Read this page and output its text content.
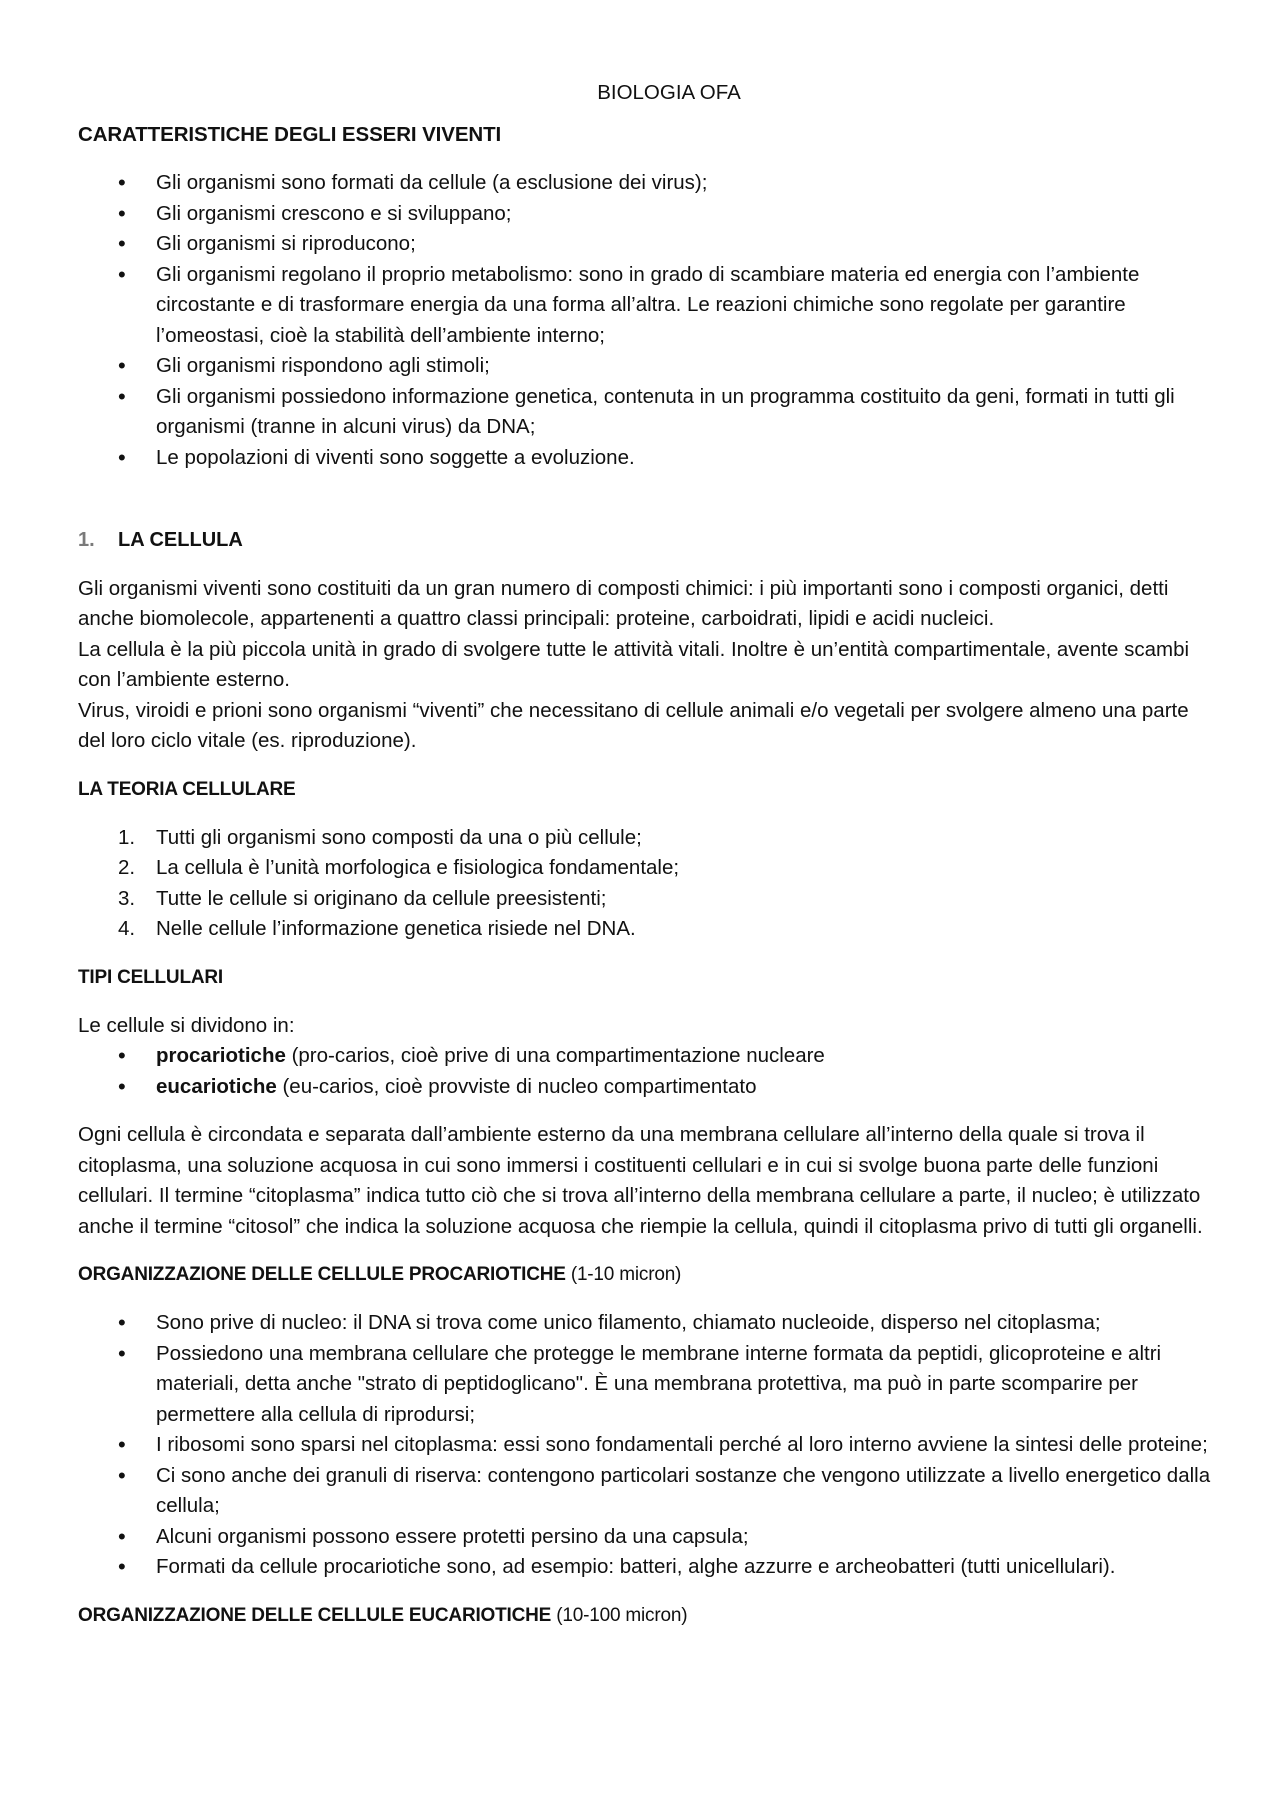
BIOLOGIA OFA
CARATTERISTICHE DEGLI ESSERI VIVENTI
• Gli organismi sono formati da cellule (a esclusione dei virus);
• Gli organismi crescono e si sviluppano;
• Gli organismi si riproducono;
• Gli organismi regolano il proprio metabolismo: sono in grado di scambiare materia ed energia con l’ambiente circostante e di trasformare energia da una forma all’altra. Le reazioni chimiche sono regolate per garantire l’omeostasi, cioè la stabilità dell’ambiente interno;
• Gli organismi rispondono agli stimoli;
• Gli organismi possiedono informazione genetica, contenuta in un programma costituito da geni, formati in tutti gli organismi (tranne in alcuni virus) da DNA;
• Le popolazioni di viventi sono soggette a evoluzione.
1. LA CELLULA

Gli organismi viventi sono costituiti da un gran numero di composti chimici: i più importanti sono i composti organici, detti anche biomolecole, appartenenti a quattro classi principali: proteine, carboidrati, lipidi e acidi nucleici.

La cellula è la più piccola unità in grado di svolgere tutte le attività vitali. Inoltre è un’entità compartimentale, avente scambi con l’ambiente esterno.

Virus, viroidi e prioni sono organismi “viventi” che necessitano di cellule animali e/o vegetali per svolgere almeno una parte del loro ciclo vitale (es. riproduzione).

LA TEORIA CELLULARE
1. Tutti gli organismi sono composti da una o più cellule;
2. La cellula è l’unità morfologica e fisiologica fondamentale;
3. Tutte le cellule si originano da cellule preesistenti;
4. Nelle cellule l’informazione genetica risiede nel DNA.
TIPI CELLULARI

Le cellule si dividono in:

• procariotiche (pro-carios, cioè prive di una compartimentazione nucleare
• eucariotiche (eu-carios, cioè provviste di nucleo compartimentato

Ogni cellula è circondata e separata dall’ambiente esterno da una membrana cellulare all’interno della quale si trova il citoplasma, una soluzione acquosa in cui sono immersi i costituenti cellulari e in cui si svolge buona parte delle funzioni cellulari. Il termine “citoplasma” indica tutto ciò che si trova all’interno della membrana cellulare a parte, il nucleo; è utilizzato anche il termine “citosol” che indica la soluzione acquosa che riempie la cellula, quindi il citoplasma privo di tutti gli organelli.

ORGANIZZAZIONE DELLE CELLULE PROCARIOTICHE (1-10 micron)
• Sono prive di nucleo: il DNA si trova come unico filamento, chiamato nucleoide, disperso nel citoplasma;
• Possiedono una membrana cellulare che protegge le membrane interne formata da peptidi, glicoproteine e altri materiali, detta anche "strato di peptidoglicano". È una membrana protettiva, ma può in parte scomparire per permettere alla cellula di riprodursi;
• I ribosomi sono sparsi nel citoplasma: essi sono fondamentali perché al loro interno avviene la sintesi delle proteine;
• Ci sono anche dei granuli di riserva: contengono particolari sostanze che vengono utilizzate a livello energetico dalla cellula;
• Alcuni organismi possono essere protetti persino da una capsula;
• Formati da cellule procariotiche sono, ad esempio: batteri, alghe azzurre e archeobatteri (tutti unicellulari).
ORGANIZZAZIONE DELLE CELLULE EUCARIOTICHE (10-100 micron)
